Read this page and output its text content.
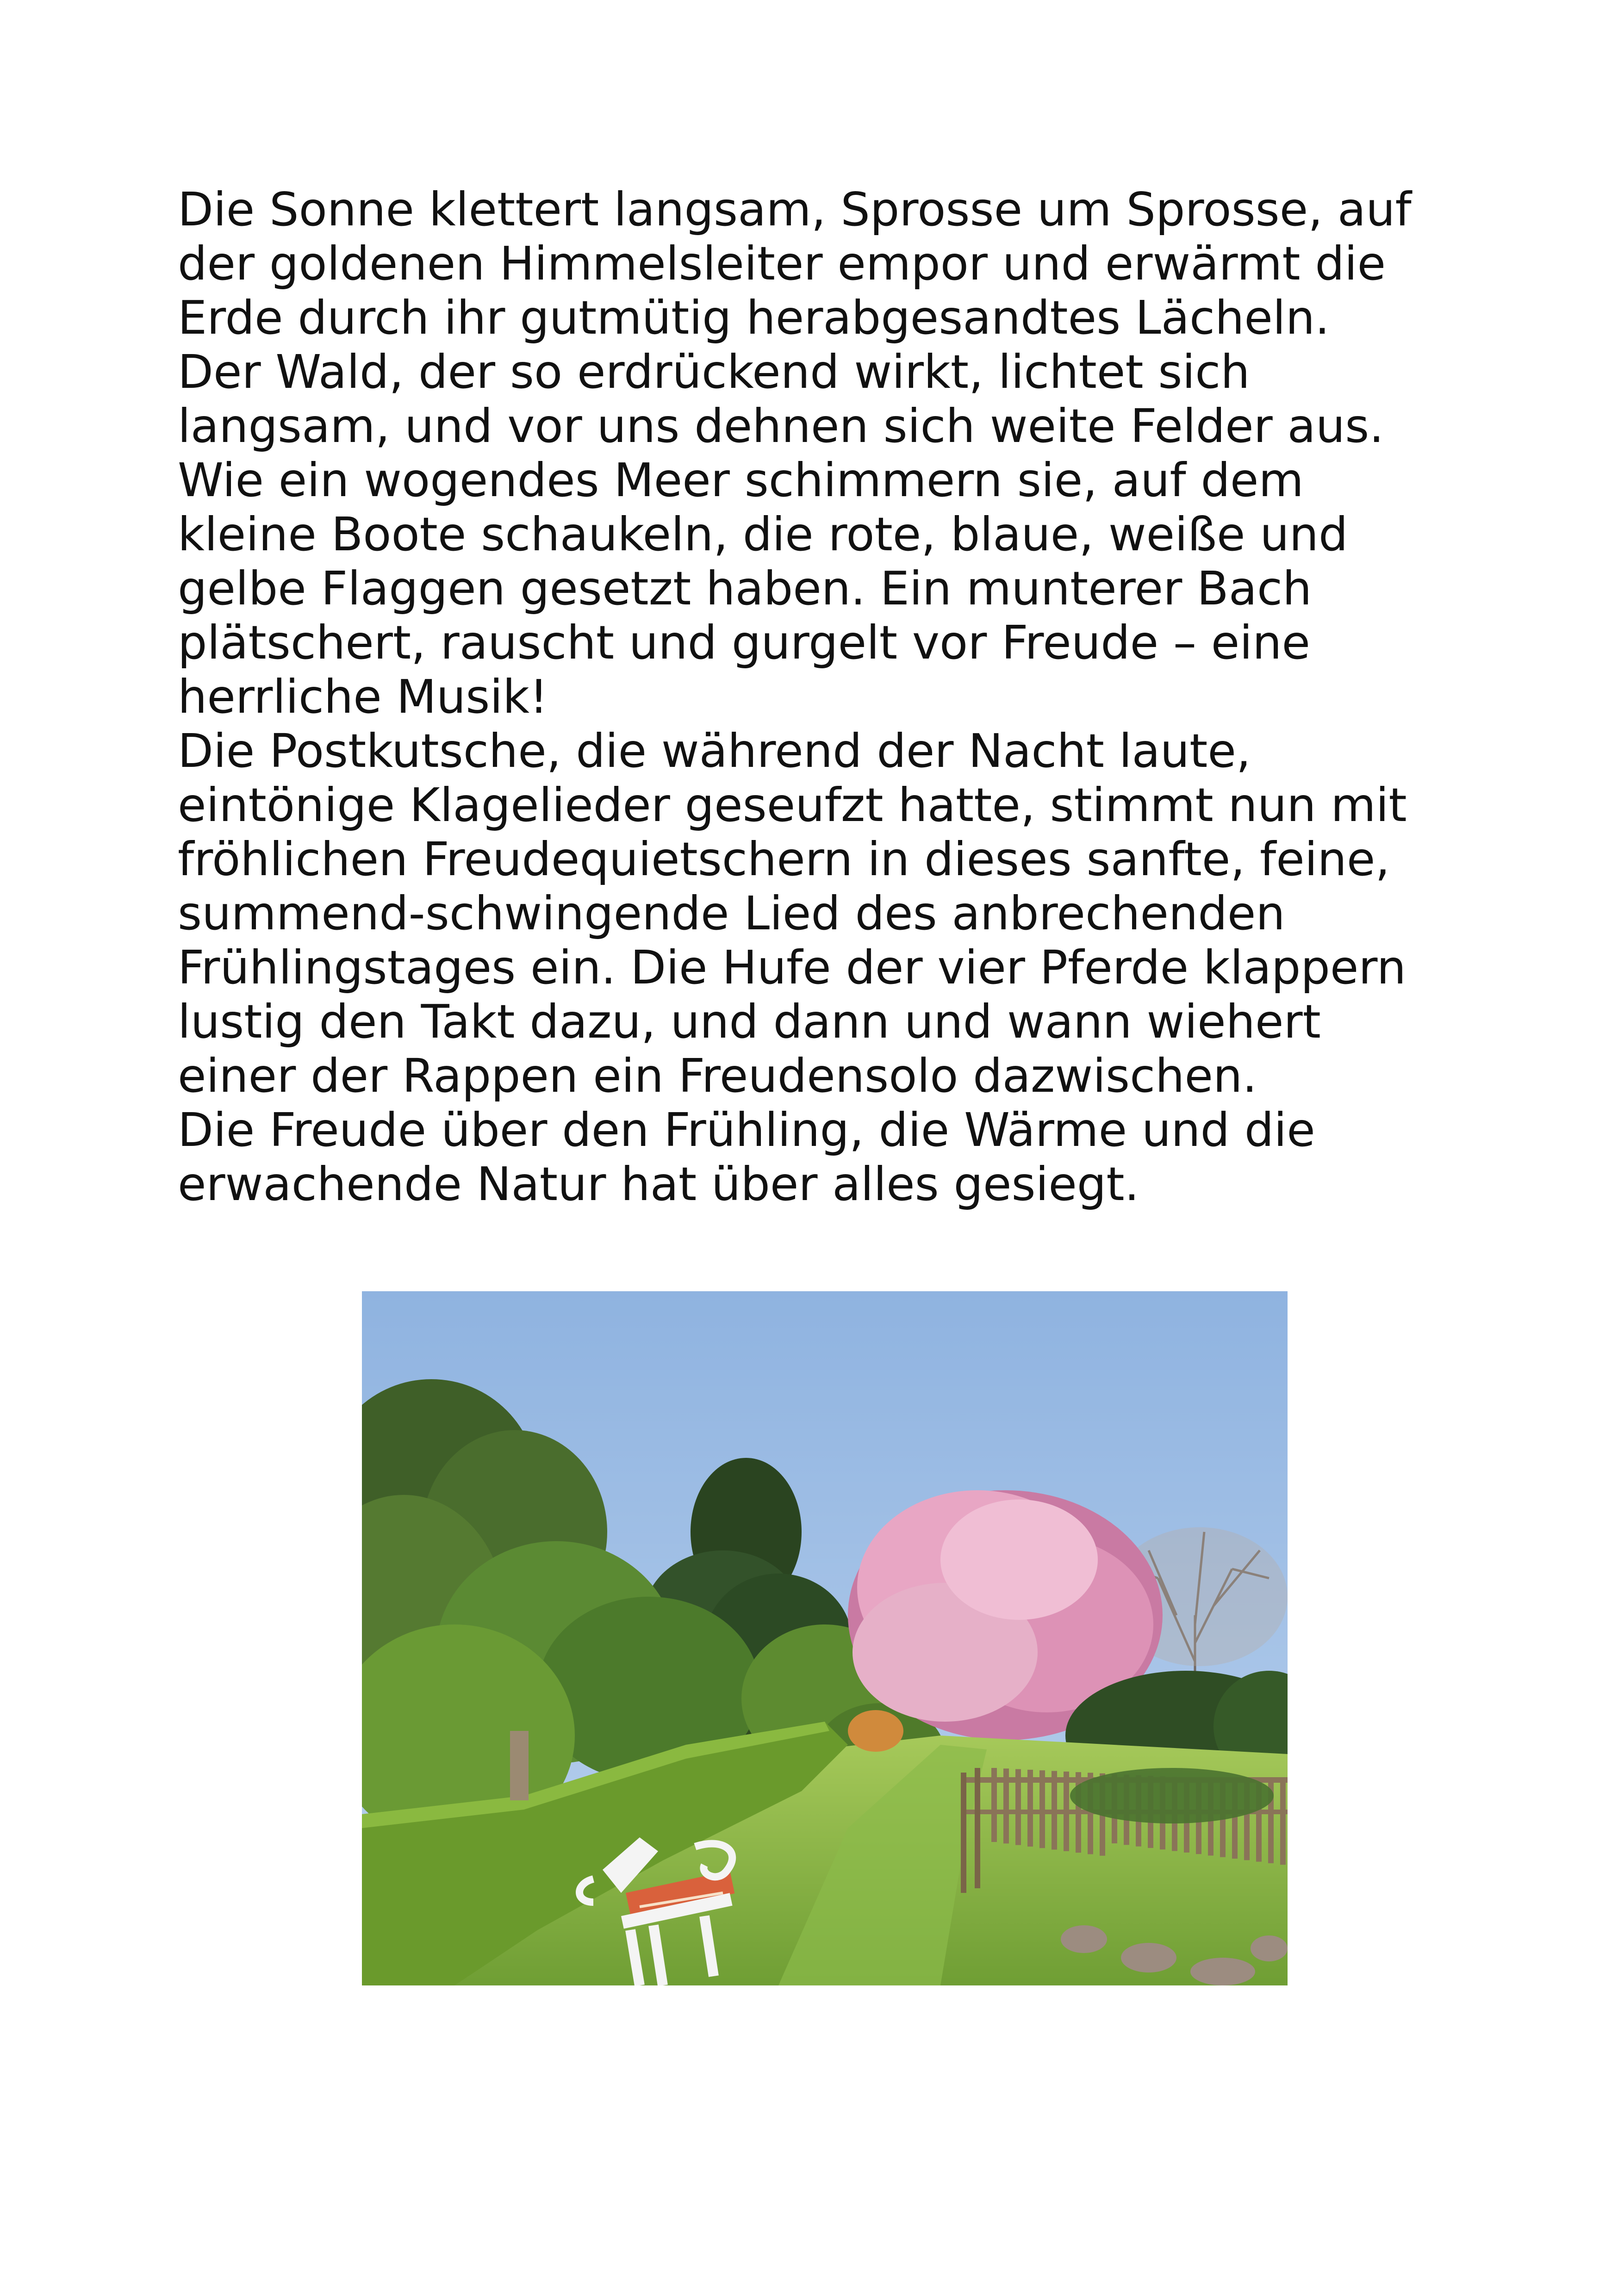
Die Sonne klettert langsam, Sprosse um Sprosse, auf
der goldenen Himmelsleiter empor und erwärmt die
Erde durch ihr gutmütig herabgesandtes Lächeln.
Der Wald, der so erdrückend wirkt, lichtet sich
langsam, und vor uns dehnen sich weite Felder aus.
Wie ein wogendes Meer schimmern sie, auf dem
kleine Boote schaukeln, die rote, blaue, weiße und
gelbe Flaggen gesetzt haben. Ein munterer Bach
plätschert, rauscht und gurgelt vor Freude – eine
herrliche Musik!
Die Postkutsche, die während der Nacht laute,
eintönige Klagelieder geseufzt hatte, stimmt nun mit
fröhlichen Freudequietschern in dieses sanfte, feine,
summend-schwingende Lied des anbrechenden
Frühlingstages ein. Die Hufe der vier Pferde klappern
lustig den Takt dazu, und dann und wann wiehert
einer der Rappen ein Freudensolo dazwischen.
Die Freude über den Frühling, die Wärme und die
erwachende Natur hat über alles gesiegt.
